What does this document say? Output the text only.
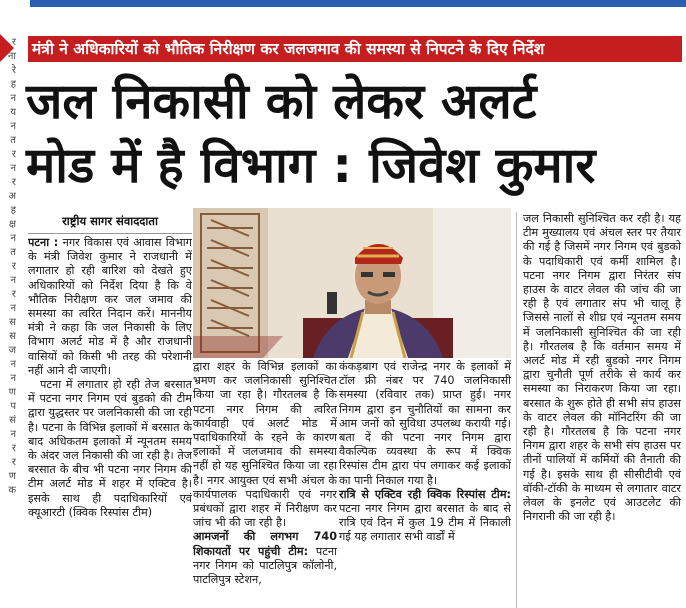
र
ना
रे
ह
न
य
न
त
र
न
र
अ
ह
क्ष
न
त
र
न
र
न
स
स
ज
न
न
ण
प
सं
न
र
र
ण
क
मंत्री ने अधिकारियों को भौतिक निरीक्षण कर जलजमाव की समस्या से निपटने के दिए निर्देश
जल निकासी को लेकर अलर्ट
मोड में है विभाग : जिवेश कुमार
राष्ट्रीय सागर संवाददाता

पटना : नगर विकास एवं आवास विभाग के मंत्री जिवेश कुमार ने राजधानी में लगातार हो रही बारिश को देखते हुए अधिकारियों को निर्देश दिया है कि वे भौतिक निरीक्षण कर जल जमाव की समस्या का त्वरित निदान करें। माननीय मंत्री ने कहा कि जल निकासी के लिए विभाग अलर्ट मोड में है और राजधानी वासियों को किसी भी तरह की परेशानी नहीं आने दी जाएगी।

पटना में लगातार हो रही तेज बरसात में पटना नगर निगम एवं बुडको की टीम द्वारा युद्धस्तर पर जलनिकासी की जा रही है। पटना के विभिन्न इलाकों में बरसात के बाद अधिकतम इलाकों में न्यूनतम समय के अंदर जल निकासी की जा रही है। तेज बरसात के बीच भी पटना नगर निगम की टीम अलर्ट मोड में शहर में एक्टिव है। इसके साथ ही पदाधिकारियों एवं क्यूआरटी (क्विक रिस्पांस टीम)

द्वारा शहर के विभिन्न इलाकों का भ्रमण कर जलनिकासी सुनिश्चित किया जा रहा है। गौरतलब है कि पटना नगर निगम की त्वरित कार्यवाही एवं अलर्ट मोड में पदाधिकारियों के रहने के कारण इलाकों में जलजमाव की समस्या नहीं हो यह सुनिश्चित किया जा रहा है। नगर आयुक्त एवं सभी अंचल के कार्यपालक पदाधिकारी एवं नगर प्रबंधकों द्वारा शहर में निरीक्षण कर जांच भी की जा रही है।

आमजनों की लगभग 740 शिकायतों पर पहुंची टीम: पटना नगर निगम को पाटलिपुत्र कॉलोनी, पाटलिपुत्र स्टेशन,

कंकड़बाग एवं राजेन्द्र नगर के इलाकों में टॉल फ्री नंबर पर 740 जलनिकासी समस्या (रविवार तक) प्राप्त हुई। नगर निगम द्वारा इन चुनौतियों का सामना कर आम जनों को सुविधा उपलब्ध करायी गई। बता दें की पटना नगर निगम द्वारा वैकल्पिक व्यवस्था के रूप में क्विक रिस्पांस टीम द्वारा पंप लगाकर कई इलाकों का पानी निकाल गया है।

रात्रि से एक्टिव रही क्विक रिस्पांस टीम: पटना नगर निगम द्वारा बरसात के बाद से रात्रि एवं दिन में कुल 19 टीम में निकाली गई यह लगातार सभी वार्डों में

जल निकासी सुनिश्चित कर रही है। यह टीम मुख्यालय एवं अंचल स्तर पर तैयार की गई है जिसमें नगर निगम एवं बुडको के पदाधिकारी एवं कर्मी शामिल है। पटना नगर निगम द्वारा निरंतर संप हाउस के वाटर लेवल की जांच की जा रही है एवं लगातार संप भी चालू है जिससे नालों से शीघ्र एवं न्यूनतम समय में जलनिकासी सुनिश्चित की जा रही है। गौरतलब है कि वर्तमान समय में अलर्ट मोड में रही बुडको नगर निगम द्वारा चुनौती पूर्ण तरीके से कार्य कर समस्या का निराकरण किया जा रहा। बरसात के शुरू होते ही सभी संप हाउस के वाटर लेवल की मॉनिटरिंग की जा रही है। गौरतलब है कि पटना नगर निगम द्वारा शहर के सभी संप हाउस पर तीनों पालियों में कर्मियों की तैनाती की गई है। इसके साथ ही सीसीटीवी एवं वॉकी-टॉकी के माध्यम से लगातार वाटर लेवल के इनलेट एवं आउटलेट की निगरानी की जा रही है।
